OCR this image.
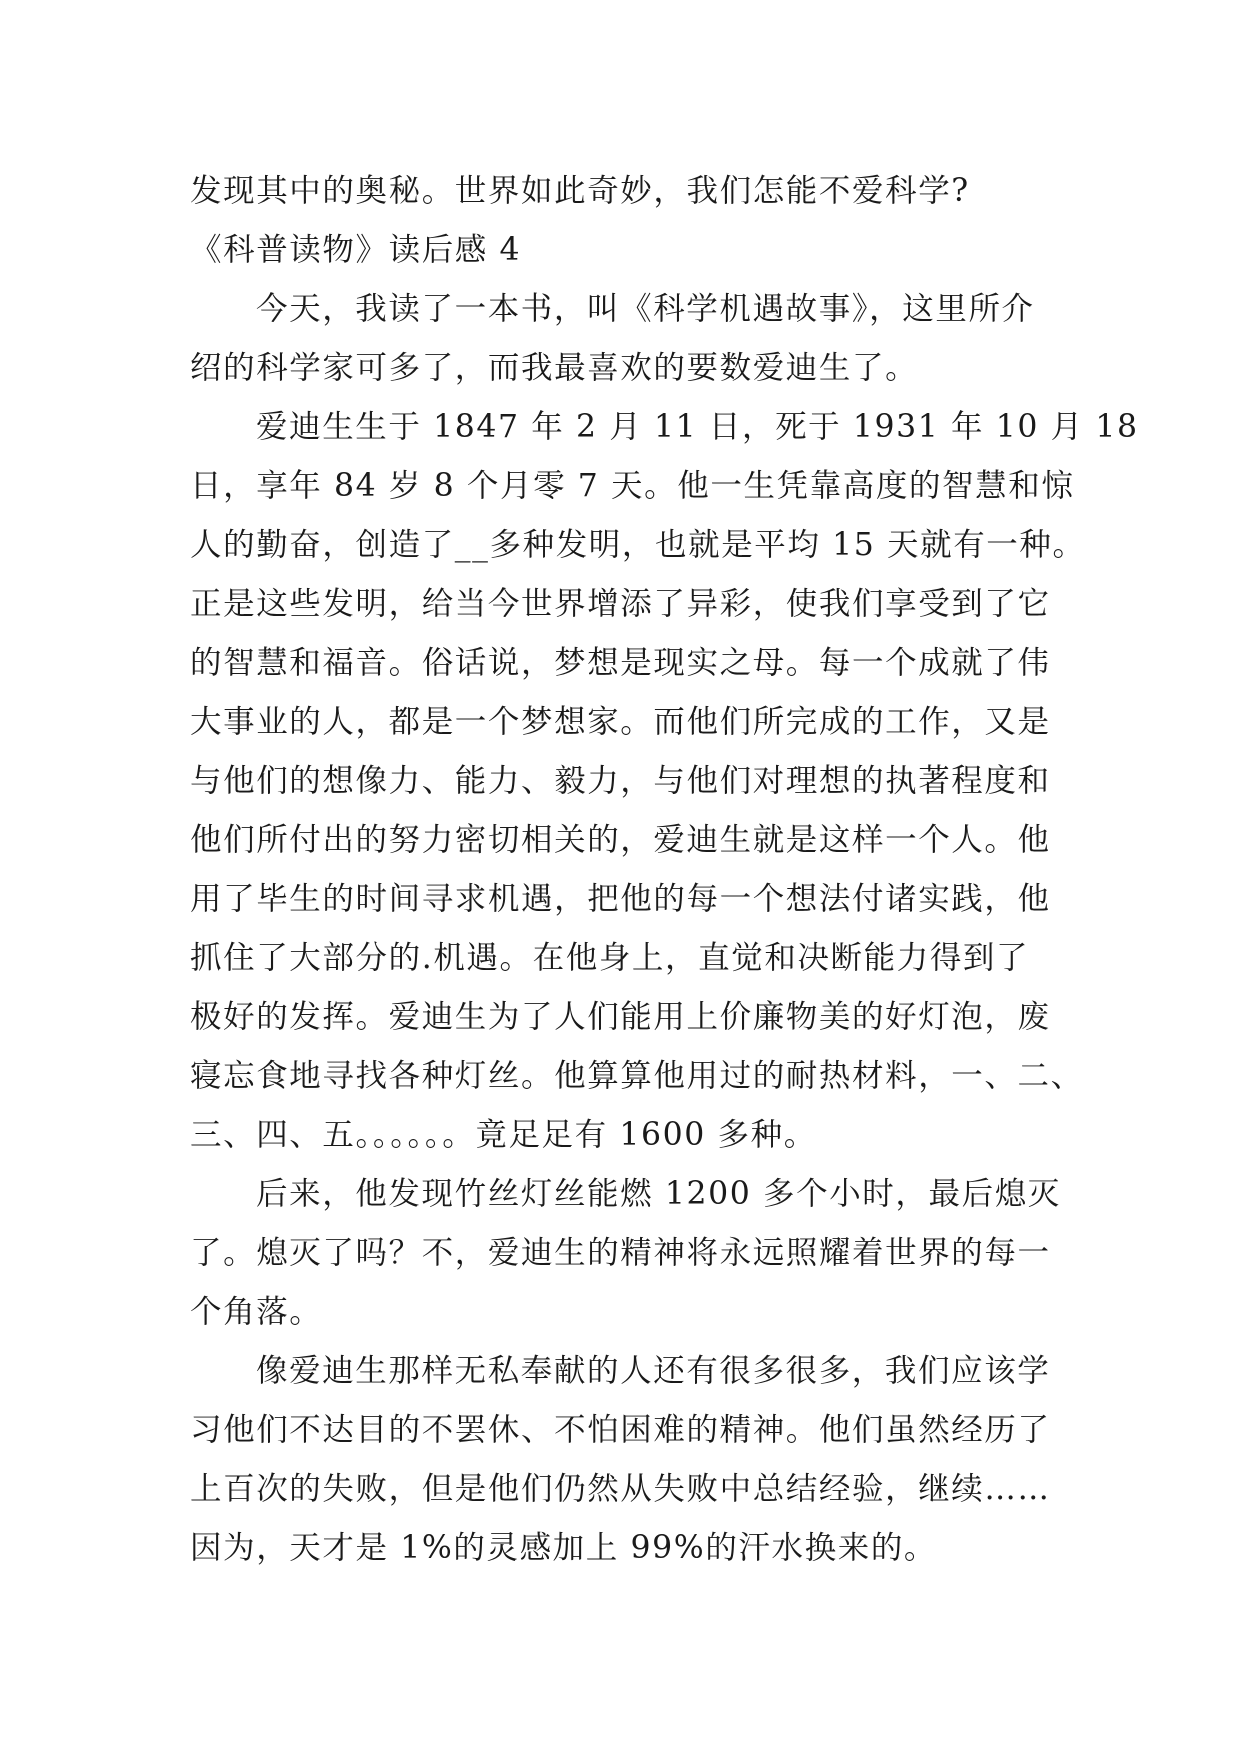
发现其中的奥秘。世界如此奇妙，我们怎能不爱科学?

《科普读物》读后感 4

今天，我读了一本书，叫《科学机遇故事》，这里所介

绍的科学家可多了，而我最喜欢的要数爱迪生了。

爱迪生生于 1847 年 2 月 11 日，死于 1931 年 10 月 18

日，享年 84 岁 8 个月零 7 天。他一生凭靠高度的智慧和惊

人的勤奋，创造了__多种发明，也就是平均 15 天就有一种。

正是这些发明，给当今世界增添了异彩，使我们享受到了它

的智慧和福音。俗话说，梦想是现实之母。每一个成就了伟

大事业的人，都是一个梦想家。而他们所完成的工作，又是

与他们的想像力、能力、毅力，与他们对理想的执著程度和

他们所付出的努力密切相关的，爱迪生就是这样一个人。他

用了毕生的时间寻求机遇，把他的每一个想法付诸实践，他

抓住了大部分的.机遇。在他身上，直觉和决断能力得到了

极好的发挥。爱迪生为了人们能用上价廉物美的好灯泡，废

寝忘食地寻找各种灯丝。他算算他用过的耐热材料，一、二、

三、四、五。。。。。。竟足足有 1600 多种。

后来，他发现竹丝灯丝能燃 1200 多个小时，最后熄灭

了。熄灭了吗？不，爱迪生的精神将永远照耀着世界的每一

个角落。

像爱迪生那样无私奉献的人还有很多很多，我们应该学

习他们不达目的不罢休、不怕困难的精神。他们虽然经历了

上百次的失败，但是他们仍然从失败中总结经验，继续……

因为，天才是 1%的灵感加上 99%的汗水换来的。
